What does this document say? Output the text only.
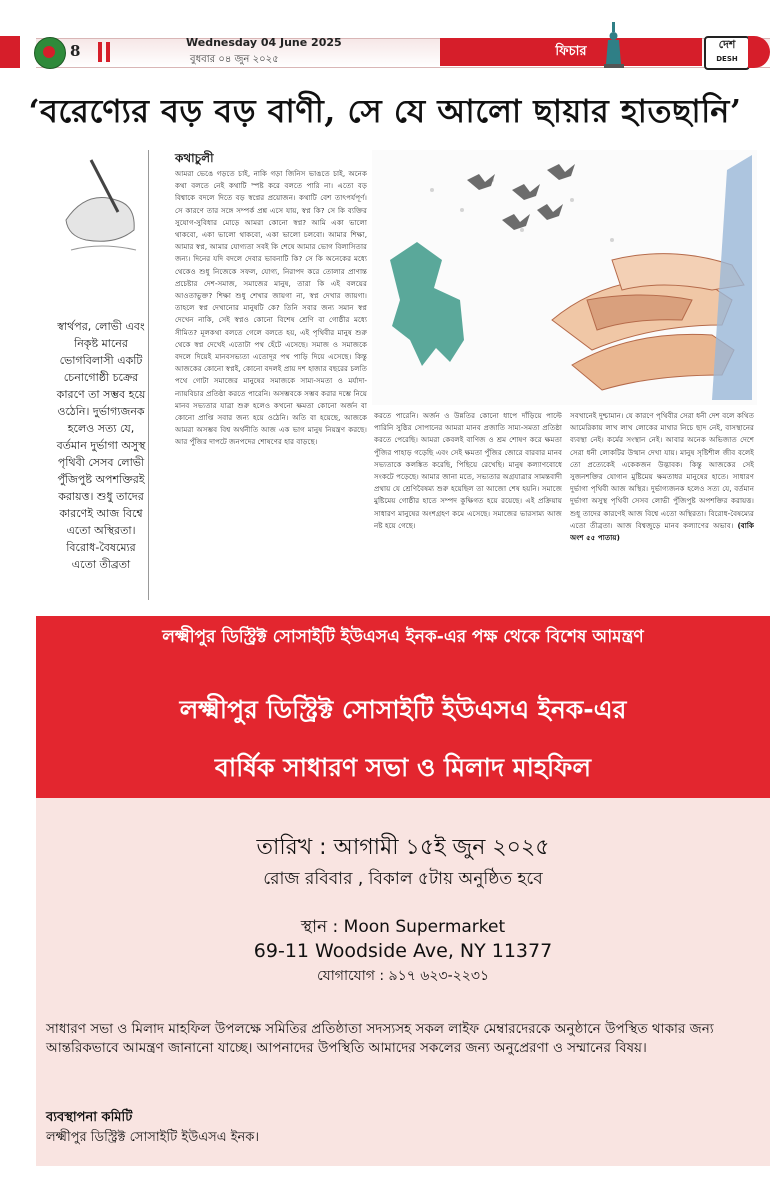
8	Wednesday 04 June 2025
বুধবার ০৪ জুন ২০২৫
ফিচার	দেশ
DESH
‘বরেণ্যের বড় বড় বাণী, সে যে আলো ছায়ার হাতছানি’
স্বার্থপর, লোভী এবং নিকৃষ্ট মানের ভোগবিলাসী একটি চেনাগোষ্ঠী চক্রের কারণে তা সম্ভব হয়ে ওঠেনি। দুর্ভাগ্যজনক হলেও সত্য যে, বর্তমান দুর্ভাগা অসুস্থ পৃথিবী সেসব লোভী পুঁজিপুষ্ট অপশক্তিরই করায়ত্ত। শুধু তাদের কারণেই আজ বিশ্বে এতো অস্থিরতা। বিরোধ-বৈষম্যের এতো তীব্রতা
কথাচুলী
আমরা ভেঙে গড়তে চাই, নাকি গড়া জিনিস ভাঙতে চাই, অনেক কথা বলতে নেই কথাটি স্পষ্ট করে বলতে পারি না। এতো বড় বিশ্বাকে বদলে দিতে বড় স্বপ্নের প্রয়োজন। কথাটি বেশ তাৎপর্যপূর্ণ। সে কারণে তার সঙ্গে সম্পর্ক প্রশ্ন এসে যায়, স্বপ্ন কি? সে কি ব্যক্তির সুযোগ-সুবিধার মোড়ে আমরা কোনো স্বপ্ন? আমি একা ভালো থাকবো, একা ভালো থাকবো, একা ভালো চলবো। আমার শিক্ষা, আমার স্বপ্ন, আমার যোগ্যতা সবই কি শেষে আমার ভোগ বিলাসিতার জন্য। দিনের যদি বদলে দেবার ভাবনাটি কি? সে কি অনেকের মধ্যে থেকেও শুধু নিজেকে সফল, যোগ্য, নিরাপদ করে তোলার প্রাণান্ত প্রচেষ্টার দেশ-সমাজ, সমাজের মানুষ, তারা কি এই বলয়ের আওতাভুক্ত? শিক্ষা শুধু শেখার জায়গা না, স্বপ্ন দেখার জায়গা। তাহলে স্বপ্ন দেখানোর মানুষটি কে? তিনি সবার জন্য সমান স্বপ্ন দেখেন নাকি, সেই স্বপ্নও কোনো বিশেষ শ্রেণি বা গোষ্ঠীর মধ্যে সীমিত? মূলকথা বলতে গেলে বলতে হয়, এই পৃথিবীর মানুষ শুরু থেকে স্বপ্ন দেখেই এতোটা পথ হেঁটে এসেছে। সমাজ ও সমাজকে বদলে দিয়েই মানবসভ্যতা এতোদূর পথ পাড়ি দিয়ে এসেছে। কিন্তু আজকের কোনো স্বপ্নই, কোনো বদলই প্রায় দশ হাজার বছরের চলতি পথে গোটা সমাজের মানুষের সমাজকে সাম্য-সমতা ও মর্যাদা-ন্যায়বিচার প্রতিষ্ঠা করতে পারেনি। অসম্ভবকে সম্ভব করার দম্ভে নিয়ে মানব সভ্যতার যাত্রা শুরু হলেও কখনো ক্ষমতা কোনো অর্জন বা কোনো প্রাপ্তি সবার জন্য হয়ে ওঠেনি। অতি বা হয়েছে, আজকে আমরা অসম্ভব বিশ্ব অর্থনীতি আজ এক ভাগ মানুষ নিয়ন্ত্রণ করছে। আর পুঁজির দাপটে জনপদের শোষণের হার বাড়ছে।
করতে পারেনি। অর্জন ও উন্নতির কোনো ধাপে দাঁড়িয়ে পাল্টে পারিনি সুষ্ঠির সোপানের আমরা মানব প্রজাতি সাম্য-সমতা প্রতিষ্ঠা করতে পেরেছি। আমরা কেবলই বাণিজ ও শ্রম শোষণ করে ক্ষমতা পুঁজির পাহাড় গড়েছি এবং সেই ক্ষমতা পুঁজির জোরে বারবার মানব সভ্যতাকে কলঙ্কিত করেছি, পিছিয়ে রেখেছি। মানুষ কল্যাণবোধে সংকটে পড়েছে। আমার জানা মতে, সভ্যতার অগ্রযাত্রার সামন্তবাদী প্রথায় যে শ্রেণিবৈষম্য শুরু হয়েছিল তা আজো শেষ হয়নি। সমাজে মুষ্টিমেয় গোষ্ঠীর হাতে সম্পদ কুক্ষিগত হয়ে রয়েছে। এই প্রক্রিয়ায় সাধারণ মানুষের অংশগ্রহণ কমে এসেছে। সমাজের ভারসাম্য আজ নষ্ট হয়ে গেছে।
সবখানেই দুশ্চামান। যে কারণে পৃথিবীর সেরা ধনী দেশ বলে কথিত আমেরিকায় লাখ লাখ লোকের মাথার নিচে ছাদ নেই, বাসস্থানের ব্যবস্থা নেই। কর্মের সংস্থান নেই। আবার অনেক অভিজাত দেশে সেরা ধনী লোকটির উত্থান দেখা যায়। মানুষ সৃষ্টিশীল জীব বলেই তো প্রত্যেকেই একেকজন উদ্ভাবক। কিন্তু আজকের সেই সুজনশক্তির যোগান মুষ্টিমেয় ক্ষমতাধর মানুষের হাতে। সাধারণ দুর্ভাগা পৃথিবী আজ অস্থির। দুর্ভাগ্যজনক হলেও সত্য যে, বর্তমান দুর্ভাগা অসুস্থ পৃথিবী সেসব লোভী পুঁজিপুষ্ট অপশক্তির করায়ত্ত। শুধু তাদের কারণেই আজ বিশ্বে এতো অস্থিরতা। বিরোধ-বৈষম্যের এতো তীব্রতা। আজ বিশ্বজুড়ে মানব কল্যাণের অভাব। (বাকি অংশ ৫৫ পাতায়)
লক্ষ্মীপুর ডিস্ট্রিক্ট সোসাইটি ইউএসএ ইনক-এর পক্ষ থেকে বিশেষ আমন্ত্রণ
লক্ষ্মীপুর ডিস্ট্রিক্ট সোসাইটি ইউএসএ ইনক-এর
বার্ষিক সাধারণ সভা ও মিলাদ মাহফিল
তারিখ : আগামী ১৫ই জুন ২০২৫
রোজ রবিবার , বিকাল ৫টায় অনুষ্ঠিত হবে
স্থান : Moon Supermarket
69-11 Woodside Ave, NY 11377
যোগাযোগ : ৯১৭ ৬২৩-২২৩১
সাধারণ সভা ও মিলাদ মাহফিল উপলক্ষে সমিতির প্রতিষ্ঠাতা সদস্যসহ সকল লাইফ মেম্বারদেরকে অনুষ্ঠানে উপস্থিত থাকার জন্য আন্তরিকভাবে আমন্ত্রণ জানানো যাচ্ছে। আপনাদের উপস্থিতি আমাদের সকলের জন্য অনুপ্রেরণা ও সম্মানের বিষয়।
ব্যবস্থাপনা কমিটি
লক্ষ্মীপুর ডিস্ট্রিক্ট সোসাইটি ইউএসএ ইনক।
